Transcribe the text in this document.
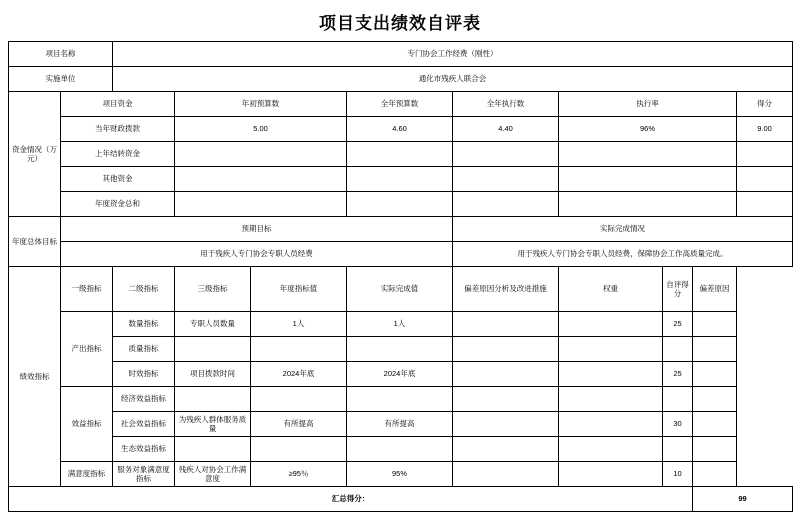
项目支出绩效自评表
项目名称		专门协会工作经费（刚性）								
实施单位		通化市残疾人联合会								
资金情况（万元）	项目资金		年初预算数		全年预算数	全年执行数	执行率			得分
	当年财政拨款		5.00		4.60	4.40	96%			9.00
	上年结转资金									
	其他资金									
	年度资金总和									
年度总体目标	预期目标					实际完成情况				
	用于残疾人专门协会专职人员经费					用于残疾人专门协会专职人员经费，保障协会工作高质量完成。				
绩效指标	一级指标	二级指标	三级指标	年度指标值	实际完成值	偏差原因分析及改进措施	权重	自评得分	偏差原因	
	产出指标	数量指标	专职人员数量	1人	1人			25		
		质量指标								
		时效指标	项目拨款时间	2024年底	2024年底			25		
	效益指标	经济效益指标								
		社会效益指标	为残疾人群体服务质量	有所提高	有所提高			30		
		生态效益指标								
	满意度指标	服务对象满意度指标	残疾人对协会工作满意度	≥95％	95%			10		
汇总得分：									99	
